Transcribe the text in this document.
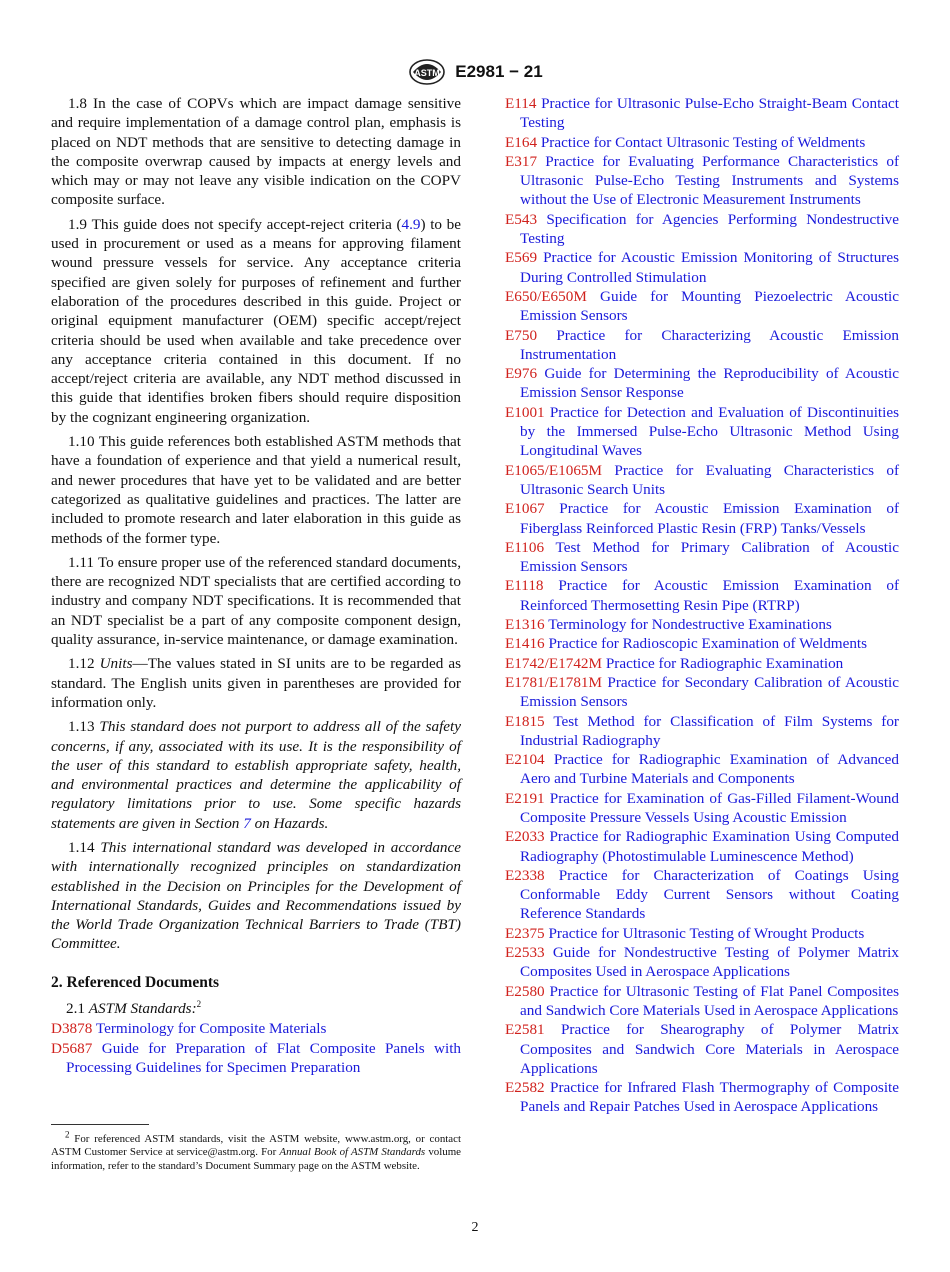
ASTM E2981 − 21

1.8 In the case of COPVs which are impact damage sensitive and require implementation of a damage control plan, emphasis is placed on NDT methods that are sensitive to detecting damage in the composite overwrap caused by impacts at energy levels and which may or may not leave any visible indication on the COPV composite surface.

1.9 This guide does not specify accept-reject criteria (4.9) to be used in procurement or used as a means for approving filament wound pressure vessels for service. Any acceptance criteria specified are given solely for purposes of refinement and further elaboration of the procedures described in this guide. Project or original equipment manufacturer (OEM) specific accept/reject criteria should be used when available and take precedence over any acceptance criteria contained in this document. If no accept/reject criteria are available, any NDT method discussed in this guide that identifies broken fibers should require disposition by the cognizant engineering organization.

1.10 This guide references both established ASTM methods that have a foundation of experience and that yield a numerical result, and newer procedures that have yet to be validated and are better categorized as qualitative guidelines and practices. The latter are included to promote research and later elaboration in this guide as methods of the former type.

1.11 To ensure proper use of the referenced standard documents, there are recognized NDT specialists that are certified according to industry and company NDT specifications. It is recommended that an NDT specialist be a part of any composite component design, quality assurance, in-service maintenance, or damage examination.

1.12 Units—The values stated in SI units are to be regarded as standard. The English units given in parentheses are provided for information only.

1.13 This standard does not purport to address all of the safety concerns, if any, associated with its use. It is the responsibility of the user of this standard to establish appropriate safety, health, and environmental practices and determine the applicability of regulatory limitations prior to use. Some specific hazards statements are given in Section 7 on Hazards.

1.14 This international standard was developed in accordance with internationally recognized principles on standardization established in the Decision on Principles for the Development of International Standards, Guides and Recommendations issued by the World Trade Organization Technical Barriers to Trade (TBT) Committee.

2. Referenced Documents
2.1 ASTM Standards:$^2$

D3878 Terminology for Composite Materials

D5687 Guide for Preparation of Flat Composite Panels with Processing Guidelines for Specimen Preparation

E114 Practice for Ultrasonic Pulse-Echo Straight-Beam Contact Testing

E164 Practice for Contact Ultrasonic Testing of Weldments

E317 Practice for Evaluating Performance Characteristics of Ultrasonic Pulse-Echo Testing Instruments and Systems without the Use of Electronic Measurement Instruments

E543 Specification for Agencies Performing Nondestructive Testing

E569 Practice for Acoustic Emission Monitoring of Structures During Controlled Stimulation

E650/E650M Guide for Mounting Piezoelectric Acoustic Emission Sensors

E750 Practice for Characterizing Acoustic Emission Instrumentation

E976 Guide for Determining the Reproducibility of Acoustic Emission Sensor Response

E1001 Practice for Detection and Evaluation of Discontinuities by the Immersed Pulse-Echo Ultrasonic Method Using Longitudinal Waves

E1065/E1065M Practice for Evaluating Characteristics of Ultrasonic Search Units

E1067 Practice for Acoustic Emission Examination of Fiberglass Reinforced Plastic Resin (FRP) Tanks/Vessels

E1106 Test Method for Primary Calibration of Acoustic Emission Sensors

E1118 Practice for Acoustic Emission Examination of Reinforced Thermosetting Resin Pipe (RTRP)

E1316 Terminology for Nondestructive Examinations

E1416 Practice for Radioscopic Examination of Weldments

E1742/E1742M Practice for Radiographic Examination

E1781/E1781M Practice for Secondary Calibration of Acoustic Emission Sensors

E1815 Test Method for Classification of Film Systems for Industrial Radiography

E2104 Practice for Radiographic Examination of Advanced Aero and Turbine Materials and Components

E2191 Practice for Examination of Gas-Filled Filament-Wound Composite Pressure Vessels Using Acoustic Emission

E2033 Practice for Radiographic Examination Using Computed Radiography (Photostimulable Luminescence Method)

E2338 Practice for Characterization of Coatings Using Conformable Eddy Current Sensors without Coating Reference Standards

E2375 Practice for Ultrasonic Testing of Wrought Products

E2533 Guide for Nondestructive Testing of Polymer Matrix Composites Used in Aerospace Applications

E2580 Practice for Ultrasonic Testing of Flat Panel Composites and Sandwich Core Materials Used in Aerospace Applications

E2581 Practice for Shearography of Polymer Matrix Composites and Sandwich Core Materials in Aerospace Applications

E2582 Practice for Infrared Flash Thermography of Composite Panels and Repair Patches Used in Aerospace Applications

$^2$ For referenced ASTM standards, visit the ASTM website, www.astm.org, or contact ASTM Customer Service at service@astm.org. For Annual Book of ASTM Standards volume information, refer to the standard’s Document Summary page on the ASTM website.
2
